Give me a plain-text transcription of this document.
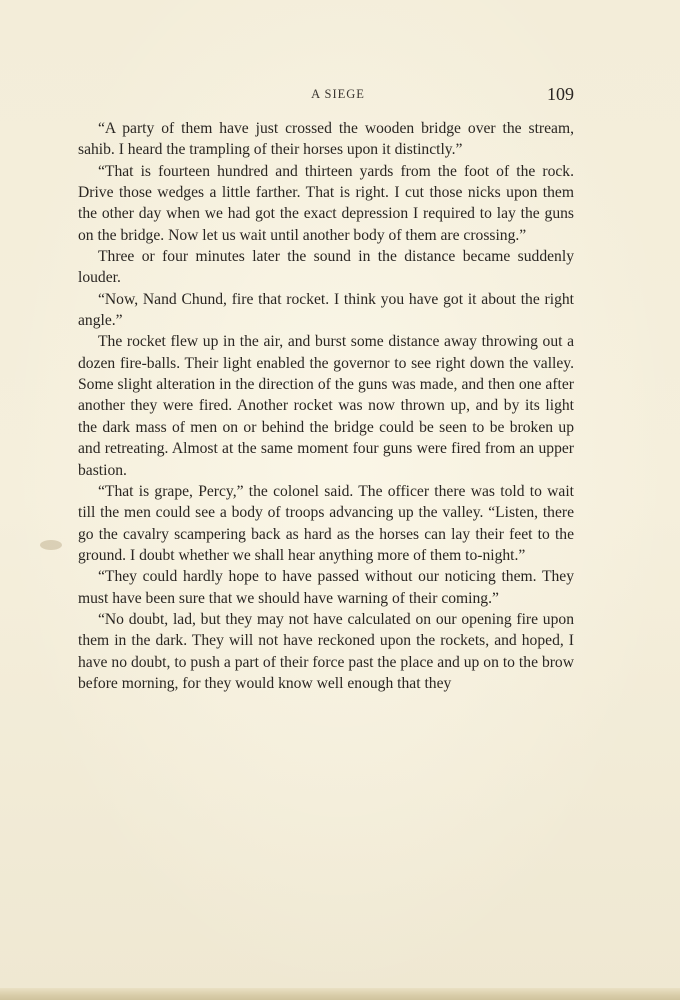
A SIEGE	109

“A party of them have just crossed the wooden bridge over the stream, sahib. I heard the trampling of their horses upon it distinctly.”

“That is fourteen hundred and thirteen yards from the foot of the rock. Drive those wedges a little farther. That is right. I cut those nicks upon them the other day when we had got the exact depression I required to lay the guns on the bridge. Now let us wait until another body of them are crossing.”

Three or four minutes later the sound in the distance became suddenly louder.

“Now, Nand Chund, fire that rocket. I think you have got it about the right angle.”

The rocket flew up in the air, and burst some distance away throwing out a dozen fire-balls. Their light enabled the governor to see right down the valley. Some slight alteration in the direction of the guns was made, and then one after another they were fired. Another rocket was now thrown up, and by its light the dark mass of men on or behind the bridge could be seen to be broken up and retreating. Almost at the same moment four guns were fired from an upper bastion.

“That is grape, Percy,” the colonel said. The officer there was told to wait till the men could see a body of troops advancing up the valley. “Listen, there go the cavalry scampering back as hard as the horses can lay their feet to the ground. I doubt whether we shall hear anything more of them to-night.”

“They could hardly hope to have passed without our noticing them. They must have been sure that we should have warning of their coming.”

“No doubt, lad, but they may not have calculated on our opening fire upon them in the dark. They will not have reckoned upon the rockets, and hoped, I have no doubt, to push a part of their force past the place and up on to the brow before morning, for they would know well enough that they
